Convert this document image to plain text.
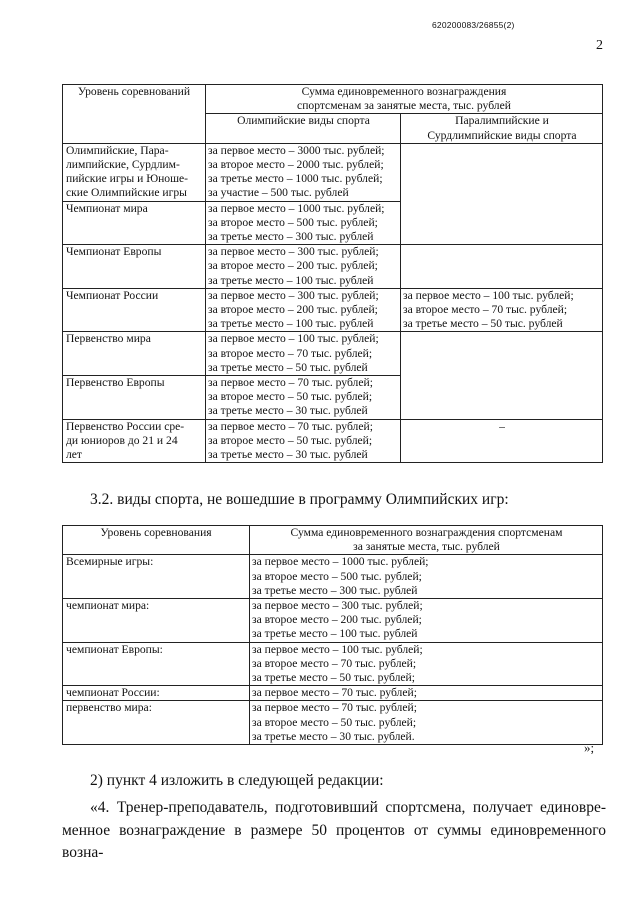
620200083/26855(2)
2
Уровень соревнований	Сумма единовременного вознаграждения
спортсменам за занятые места, тыс. рублей	

	Олимпийские виды спорта	Паралимпийские и
Сурдлимпийские виды спорта

Олимпийские, Пара-
лимпийские, Сурдлим-
пийские игры и Юноше-
ские Олимпийские игры	за первое место – 3000 тыс. рублей;
за второе место – 2000 тыс. рублей;
за третье место – 1000 тыс. рублей;
за участие – 500 тыс. рублей	

Чемпионат мира	за первое место – 1000 тыс. рублей;
за второе место – 500 тыс. рублей;
за третье место – 300 тыс. рублей	

Чемпионат Европы	за первое место – 300 тыс. рублей;
за второе место – 200 тыс. рублей;
за третье место – 100 тыс. рублей	

Чемпионат России	за первое место – 300 тыс. рублей;
за второе место – 200 тыс. рублей;
за третье место – 100 тыс. рублей	за первое место – 100 тыс. рублей;
за второе место – 70 тыс. рублей;
за третье место – 50 тыс. рублей

Первенство мира	за первое место – 100 тыс. рублей;
за второе место – 70 тыс. рублей;
за третье место – 50 тыс. рублей	

Первенство Европы	за первое место – 70 тыс. рублей;
за второе место – 50 тыс. рублей;
за третье место – 30 тыс. рублей	

Первенство России сре-
ди юниоров до 21 и 24
лет	за первое место – 70 тыс. рублей;
за второе место – 50 тыс. рублей;
за третье место – 30 тыс. рублей	–
3.2. виды спорта, не вошедшие в программу Олимпийских игр:
Уровень соревнования	Сумма единовременного вознаграждения спортсменам
за занятые места, тыс. рублей

Всемирные игры:	за первое место – 1000 тыс. рублей;
за второе место – 500 тыс. рублей;
за третье место – 300 тыс. рублей

чемпионат мира:	за первое место – 300 тыс. рублей;
за второе место – 200 тыс. рублей;
за третье место – 100 тыс. рублей

чемпионат Европы:	за первое место – 100 тыс. рублей;
за второе место – 70 тыс. рублей;
за третье место – 50 тыс. рублей;

чемпионат России:	за первое место – 70 тыс. рублей;

первенство мира:	за первое место – 70 тыс. рублей;
за второе место – 50 тыс. рублей;
за третье место – 30 тыс. рублей.
»;
2) пункт 4 изложить в следующей редакции:
«4. Тренер-преподаватель, подготовивший спортсмена, получает единовре-
менное вознаграждение в размере 50 процентов от суммы единовременного возна-
